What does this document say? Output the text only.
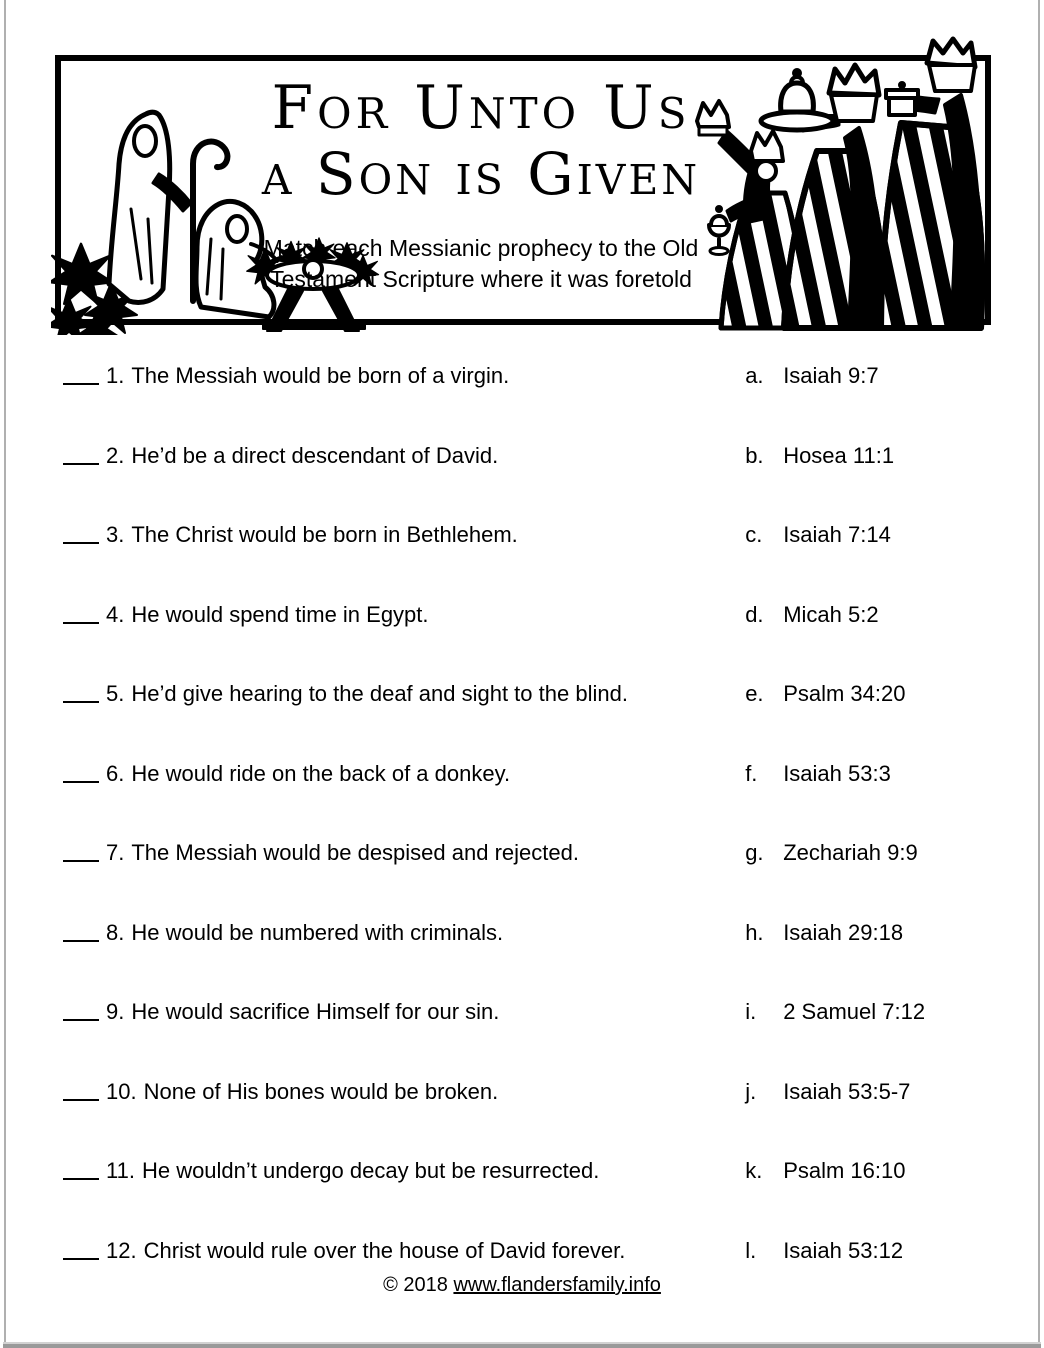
For Unto Us
a Son is Given
Match each Messianic prophecy to the Old
Testament Scripture where it was foretold
1. The Messiah would be born of a virgin.	a. Isaiah 9:7
2. He’d be a direct descendant of David.	b. Hosea 11:1
3. The Christ would be born in Bethlehem.	c. Isaiah 7:14
4. He would spend time in Egypt.	d. Micah 5:2
5. He’d give hearing to the deaf and sight to the blind.	e. Psalm 34:20
6. He would ride on the back of a donkey.	f.	Isaiah 53:3
7. The Messiah would be despised and rejected.	g. Zechariah 9:9
8. He would be numbered with criminals.	h. Isaiah 29:18
9. He would sacrifice Himself for our sin.	i.	2 Samuel 7:12
10. None of His bones would be broken.	j.	Isaiah 53:5-7
11. He wouldn’t undergo decay but be resurrected.	k. Psalm 16:10
12. Christ would rule over the house of David forever.	l.	Isaiah 53:12
© 2018 www.flandersfamily.info
